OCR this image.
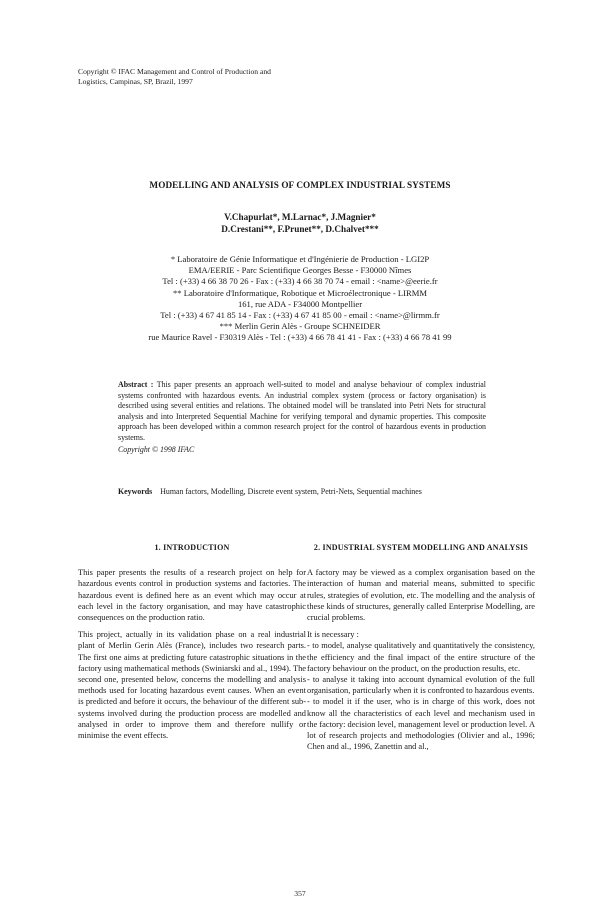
Copyright © IFAC Management and Control of Production and
Logistics, Campinas, SP, Brazil, 1997
MODELLING AND ANALYSIS OF COMPLEX INDUSTRIAL SYSTEMS
V.Chapurlat*, M.Larnac*, J.Magnier*
D.Crestani**, F.Prunet**, D.Chalvet***
* Laboratoire de Génie Informatique et d'Ingénierie de Production - LGI2P
EMA/EERIE - Parc Scientifique Georges Besse - F30000 Nîmes
Tel : (+33) 4 66 38 70 26 - Fax : (+33) 4 66 38 70 74 - email : <name>@eerie.fr
** Laboratoire d'Informatique, Robotique et Microélectronique - LIRMM
161, rue ADA - F34000 Montpellier
Tel : (+33) 4 67 41 85 14 - Fax : (+33) 4 67 41 85 00 - email : <name>@lirmm.fr
*** Merlin Gerin Alès - Groupe SCHNEIDER
rue Maurice Ravel - F30319 Alès - Tel : (+33) 4 66 78 41 41 - Fax : (+33) 4 66 78 41 99
Abstract : This paper presents an approach well-suited to model and analyse behaviour of complex industrial systems confronted with hazardous events. An industrial complex system (process or factory organisation) is described using several entities and relations. The obtained model will be translated into Petri Nets for structural analysis and into Interpreted Sequential Machine for verifying temporal and dynamic properties. This composite approach has been developed within a common research project for the control of hazardous events in production systems.
Copyright © 1998 IFAC
Keywords Human factors, Modelling, Discrete event system, Petri-Nets, Sequential machines
1. INTRODUCTION

This paper presents the results of a research project on help for hazardous events control in production systems and factories. The hazardous event is defined here as an event which may occur at each level in the factory organisation, and may have catastrophic consequences on the production ratio.

This project, actually in its validation phase on a real industrial plant of Merlin Gerin Alès (France), includes two research parts. The first one aims at predicting future catastrophic situations in the factory using mathematical methods (Swiniarski and al., 1994). The second one, presented below, concerns the modelling and analysis methods used for locating hazardous event causes. When an event is predicted and before it occurs, the behaviour of the different sub-systems involved during the production process are modelled and analysed in order to improve them and therefore nullify or minimise the event effects.

2. INDUSTRIAL SYSTEM MODELLING AND ANALYSIS

A factory may be viewed as a complex organisation based on the interaction of human and material means, submitted to specific rules, strategies of evolution, etc. The modelling and the analysis of these kinds of structures, generally called Enterprise Modelling, are crucial problems.

It is necessary :

- to model, analyse qualitatively and quantitatively the consistency, the efficiency and the final impact of the entire structure of the factory behaviour on the product, on the production results, etc.

- to analyse it taking into account dynamical evolution of the full organisation, particularly when it is confronted to hazardous events.

- to model it if the user, who is in charge of this work, does not know all the characteristics of each level and mechanism used in the factory: decision level, management level or production level. A lot of research projects and methodologies (Olivier and al., 1996; Chen and al., 1996, Zanettin and al.,

357
